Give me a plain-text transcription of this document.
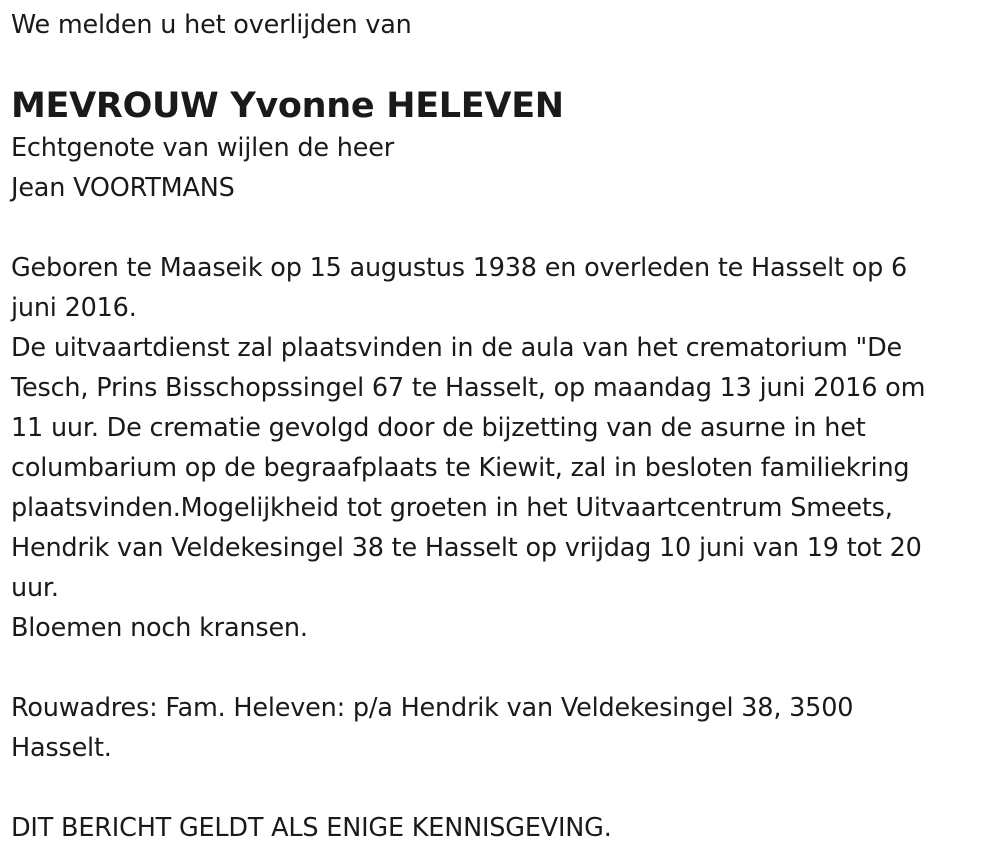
We melden u het overlijden van
MEVROUW Yvonne HELEVEN
Echtgenote van wijlen de heer
Jean VOORTMANS
Geboren te Maaseik op 15 augustus 1938 en overleden te Hasselt op 6
juni 2016.
De uitvaartdienst zal plaatsvinden in de aula van het crematorium "De
Tesch, Prins Bisschopssingel 67 te Hasselt, op maandag 13 juni 2016 om
11 uur. De crematie gevolgd door de bijzetting van de asurne in het
columbarium op de begraafplaats te Kiewit, zal in besloten familiekring
plaatsvinden.Mogelijkheid tot groeten in het Uitvaartcentrum Smeets,
Hendrik van Veldekesingel 38 te Hasselt op vrijdag 10 juni van 19 tot 20
uur.
Bloemen noch kransen.
Rouwadres: Fam. Heleven: p/a Hendrik van Veldekesingel 38, 3500
Hasselt.
DIT BERICHT GELDT ALS ENIGE KENNISGEVING.
